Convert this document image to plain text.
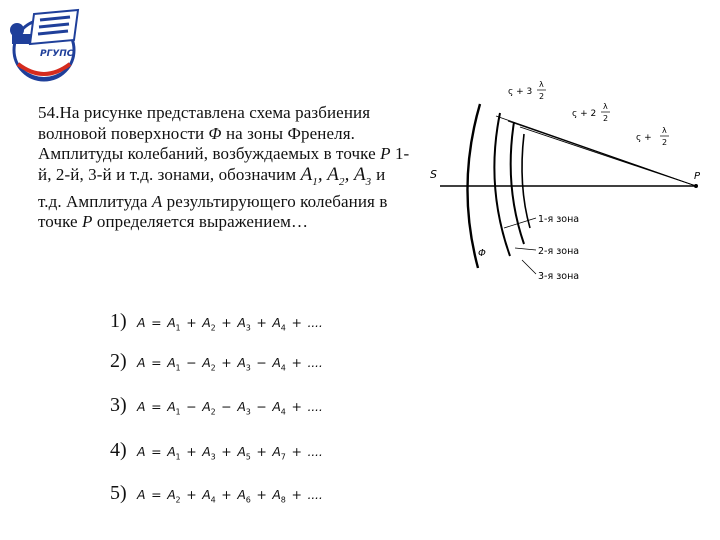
РГУПС
54.На рисунке представлена схема разбиения волновой поверхности Φ на зоны Френеля. Амплитуды колебаний, возбуждаемых в точке P 1-й, 2-й, 3-й и т.д. зонами, обозначим $A_1$, $A_2$, $A_3$ и т.д. Амплитуда A результирующего колебания в точке P определяется выражением…
S	P
ς + 3
λ
2
ς + 2
λ
2
ς +
λ
2
Φ
1-я зона
2-я зона
3-я зона
1) $A = A_1 + A_2 + A_3 + A_4$ + ....
2) $A = A_1 - A_2 + A_3 - A_4$ + ....
3) $A = A_1 - A_2 - A_3 - A_4$ + ....
4) $A = A_1 + A_3 + A_5 + A_7$ + ....
5) $A = A_2 + A_4 + A_6 + A_8$ + ....
